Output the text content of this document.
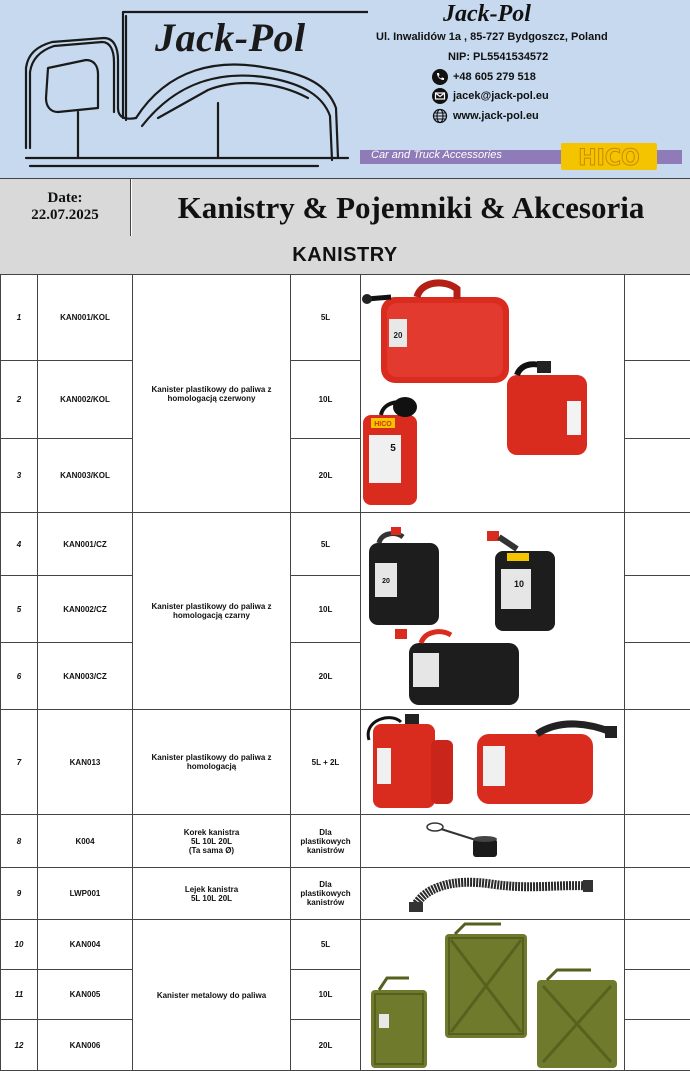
Jack-Pol
Jack-Pol
Ul. Inwalidów 1a , 85-727 Bydgoszcz, Poland
NIP: PL5541534572
+48 605 279 518
jacek@jack-pol.eu
www.jack-pol.eu
Car and Truck Accessories	HICO
Date:
22.07.2025	Kanistry & Pojemniki & Akcesoria
KANISTRY
1	KAN001/KOL	Kanister plastikowy do paliwa z homologacją czerwony	5L	20
HICO
5	

2	KAN002/KOL		10L		
3	KAN003/KOL		20L		
4	KAN001/CZ	Kanister plastikowy do paliwa z homologacją czarny	5L	20 10	

5	KAN002/CZ		10L		
6	KAN003/CZ		20L		
7	KAN013	Kanister plastikowy do paliwa z homologacją	5L + 2L	

8	K004	Korek kanistra
5L 10L 20L
(Ta sama Ø)	Dla plastikowych kanistrów	

9	LWP001	Lejek kanistra
5L 10L 20L	Dla plastikowych kanistrów	

10	KAN004	Kanister metalowy do paliwa	5L	

11	KAN005		10L		
12	KAN006		20L		
